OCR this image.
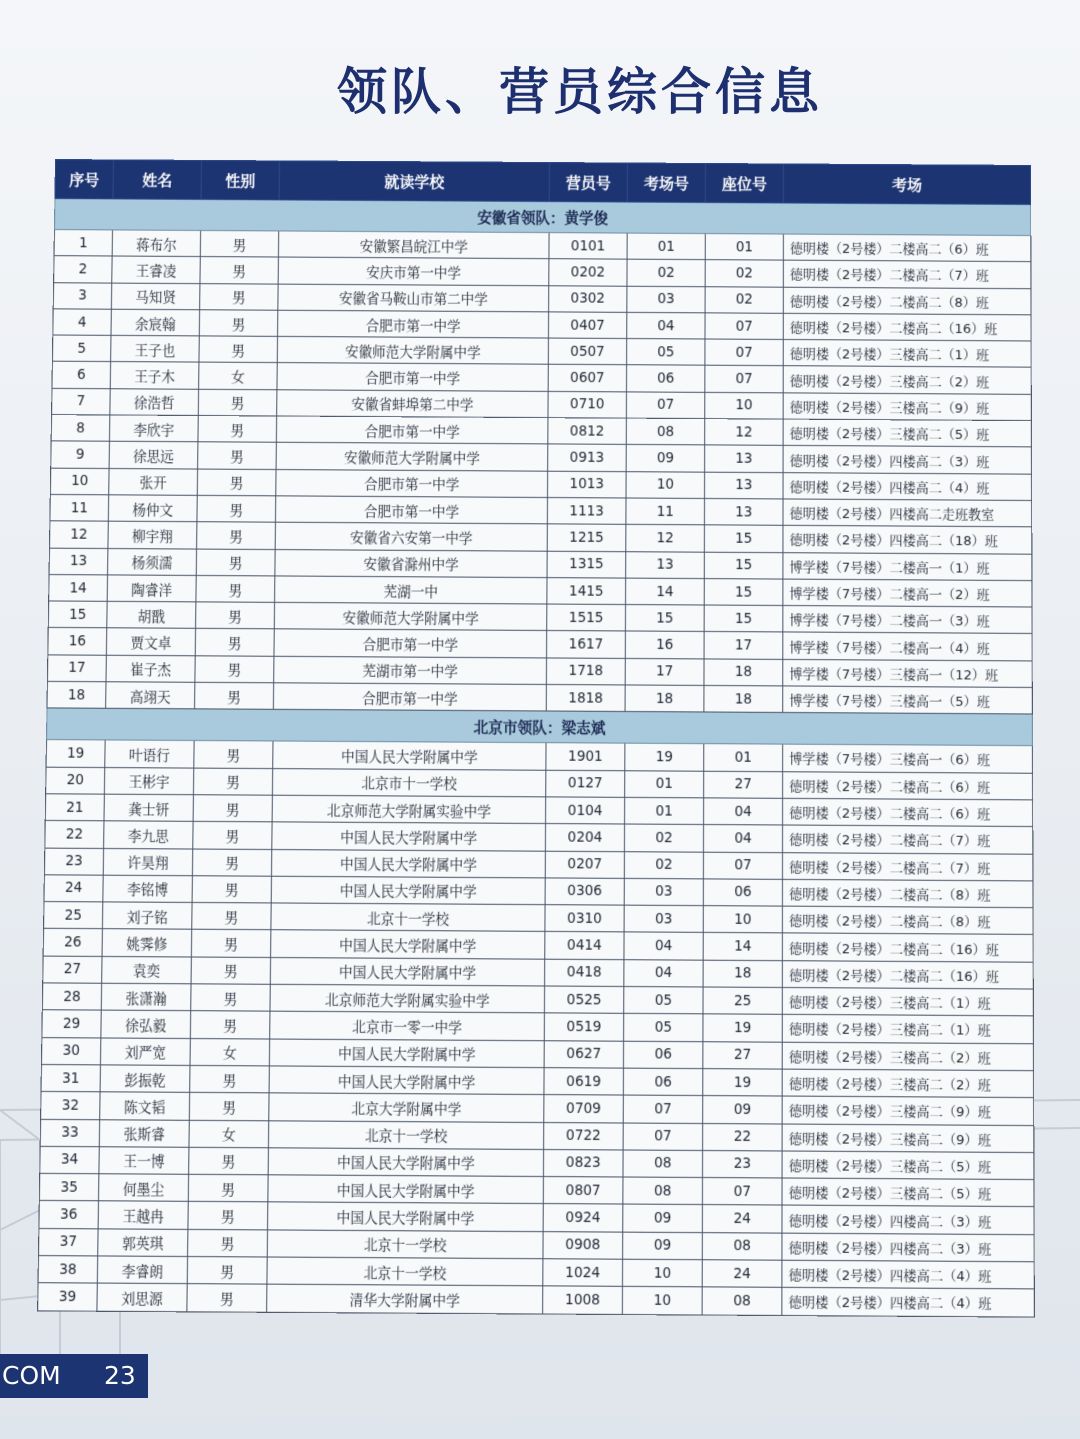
领队、营员综合信息
序号	姓名	性别	就读学校	营员号	考场号	座位号	考场
安徽省领队：黄学俊							
1	蒋布尔	男	安徽繁昌皖江中学	0101	01	01	德明楼（2号楼）二楼高二（6）班
2	王睿凌	男	安庆市第一中学	0202	02	02	德明楼（2号楼）二楼高二（7）班
3	马知贤	男	安徽省马鞍山市第二中学	0302	03	02	德明楼（2号楼）二楼高二（8）班
4	余宸翰	男	合肥市第一中学	0407	04	07	德明楼（2号楼）二楼高二（16）班
5	王子也	男	安徽师范大学附属中学	0507	05	07	德明楼（2号楼）三楼高二（1）班
6	王子木	女	合肥市第一中学	0607	06	07	德明楼（2号楼）三楼高二（2）班
7	徐浩哲	男	安徽省蚌埠第二中学	0710	07	10	德明楼（2号楼）三楼高二（9）班
8	李欣宇	男	合肥市第一中学	0812	08	12	德明楼（2号楼）三楼高二（5）班
9	徐思远	男	安徽师范大学附属中学	0913	09	13	德明楼（2号楼）四楼高二（3）班
10	张开	男	合肥市第一中学	1013	10	13	德明楼（2号楼）四楼高二（4）班
11	杨仲文	男	合肥市第一中学	1113	11	13	德明楼（2号楼）四楼高二走班教室
12	柳宇翔	男	安徽省六安第一中学	1215	12	15	德明楼（2号楼）四楼高二（18）班
13	杨须濡	男	安徽省滁州中学	1315	13	15	博学楼（7号楼）二楼高一（1）班
14	陶睿洋	男	芜湖一中	1415	14	15	博学楼（7号楼）二楼高一（2）班
15	胡戬	男	安徽师范大学附属中学	1515	15	15	博学楼（7号楼）二楼高一（3）班
16	贾文卓	男	合肥市第一中学	1617	16	17	博学楼（7号楼）二楼高一（4）班
17	崔子杰	男	芜湖市第一中学	1718	17	18	博学楼（7号楼）三楼高一（12）班
18	高翊天	男	合肥市第一中学	1818	18	18	博学楼（7号楼）三楼高一（5）班
北京市领队：梁志斌							
19	叶语行	男	中国人民大学附属中学	1901	19	01	博学楼（7号楼）三楼高一（6）班
20	王彬宇	男	北京市十一学校	0127	01	27	德明楼（2号楼）二楼高二（6）班
21	龚士钘	男	北京师范大学附属实验中学	0104	01	04	德明楼（2号楼）二楼高二（6）班
22	李九思	男	中国人民大学附属中学	0204	02	04	德明楼（2号楼）二楼高二（7）班
23	许昊翔	男	中国人民大学附属中学	0207	02	07	德明楼（2号楼）二楼高二（7）班
24	李铭博	男	中国人民大学附属中学	0306	03	06	德明楼（2号楼）二楼高二（8）班
25	刘子铭	男	北京十一学校	0310	03	10	德明楼（2号楼）二楼高二（8）班
26	姚霁修	男	中国人民大学附属中学	0414	04	14	德明楼（2号楼）二楼高二（16）班
27	袁奕	男	中国人民大学附属中学	0418	04	18	德明楼（2号楼）二楼高二（16）班
28	张潇瀚	男	北京师范大学附属实验中学	0525	05	25	德明楼（2号楼）三楼高二（1）班
29	徐弘毅	男	北京市一零一中学	0519	05	19	德明楼（2号楼）三楼高二（1）班
30	刘严宽	女	中国人民大学附属中学	0627	06	27	德明楼（2号楼）三楼高二（2）班
31	彭振乾	男	中国人民大学附属中学	0619	06	19	德明楼（2号楼）三楼高二（2）班
32	陈文韬	男	北京大学附属中学	0709	07	09	德明楼（2号楼）三楼高二（9）班
33	张斯睿	女	北京十一学校	0722	07	22	德明楼（2号楼）三楼高二（9）班
34	王一博	男	中国人民大学附属中学	0823	08	23	德明楼（2号楼）三楼高二（5）班
35	何墨尘	男	中国人民大学附属中学	0807	08	07	德明楼（2号楼）三楼高二（5）班
36	王越冉	男	中国人民大学附属中学	0924	09	24	德明楼（2号楼）四楼高二（3）班
37	郭英琪	男	北京十一学校	0908	09	08	德明楼（2号楼）四楼高二（3）班
38	李睿朗	男	北京十一学校	1024	10	24	德明楼（2号楼）四楼高二（4）班
39	刘思源	男	清华大学附属中学	1008	10	08	德明楼（2号楼）四楼高二（4）班
COM 23
